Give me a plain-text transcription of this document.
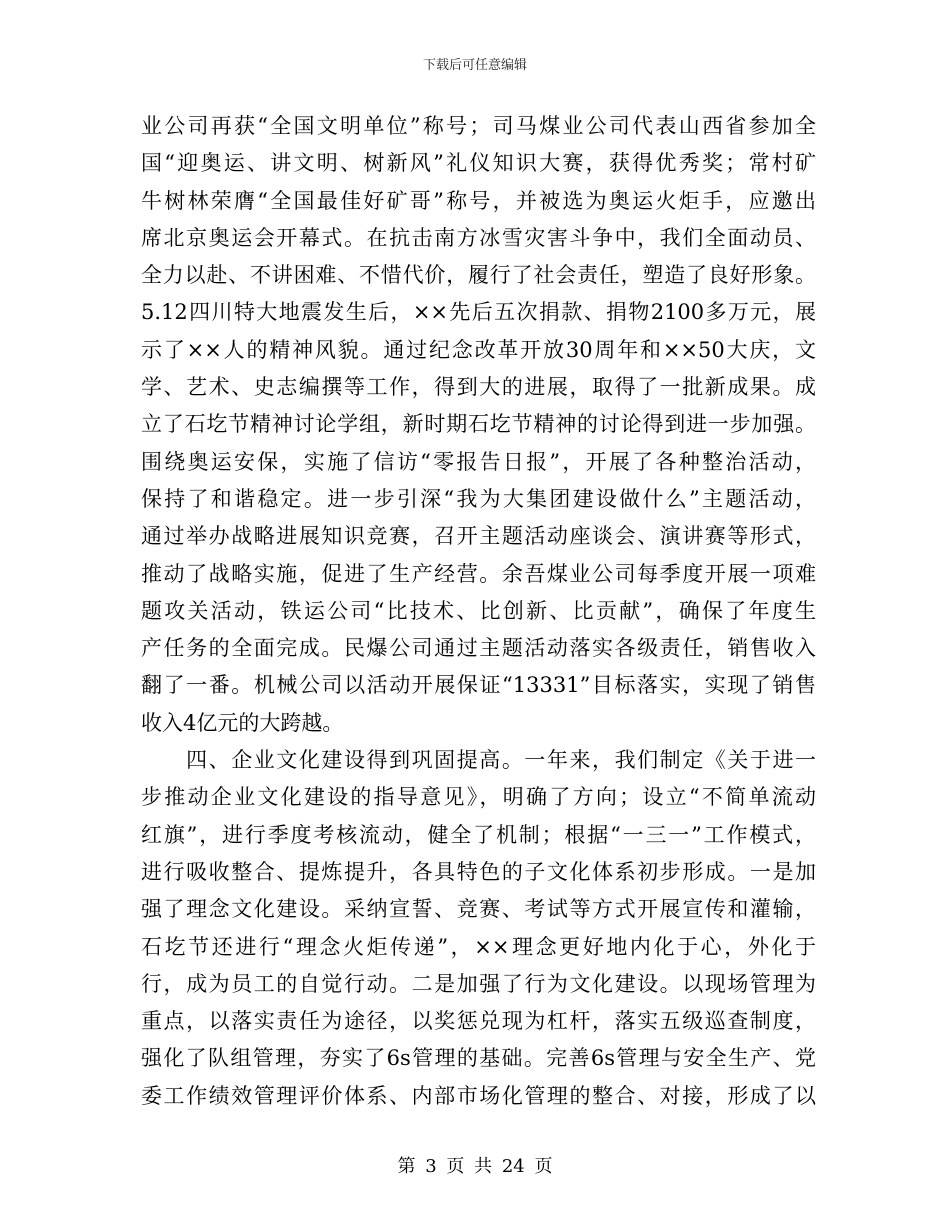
下载后可任意编辑
业公司再获“全国文明单位”称号；司马煤业公司代表山西省参加全
国“迎奥运、讲文明、树新风”礼仪知识大赛，获得优秀奖；常村矿
牛树林荣膺“全国最佳好矿哥”称号，并被选为奥运火炬手，应邀出
席北京奥运会开幕式。在抗击南方冰雪灾害斗争中，我们全面动员、
全力以赴、不讲困难、不惜代价，履行了社会责任，塑造了良好形象。
5.12四川特大地震发生后，××先后五次捐款、捐物2100多万元，展
示了××人的精神风貌。通过纪念改革开放30周年和××50大庆，文
学、艺术、史志编撰等工作，得到大的进展，取得了一批新成果。成
立了石圪节精神讨论学组，新时期石圪节精神的讨论得到进一步加强。
围绕奥运安保，实施了信访“零报告日报”，开展了各种整治活动，
保持了和谐稳定。进一步引深“我为大集团建设做什么”主题活动，
通过举办战略进展知识竞赛，召开主题活动座谈会、演讲赛等形式，
推动了战略实施，促进了生产经营。余吾煤业公司每季度开展一项难
题攻关活动，铁运公司“比技术、比创新、比贡献”，确保了年度生
产任务的全面完成。民爆公司通过主题活动落实各级责任，销售收入
翻了一番。机械公司以活动开展保证“13331”目标落实，实现了销售
收入4亿元的大跨越。
　　四、企业文化建设得到巩固提高。一年来，我们制定《关于进一
步推动企业文化建设的指导意见》，明确了方向；设立“不简单流动
红旗”，进行季度考核流动，健全了机制；根据“一三一”工作模式，
进行吸收整合、提炼提升，各具特色的子文化体系初步形成。一是加
强了理念文化建设。采纳宣誓、竞赛、考试等方式开展宣传和灌输，
石圪节还进行“理念火炬传递”，××理念更好地内化于心，外化于
行，成为员工的自觉行动。二是加强了行为文化建设。以现场管理为
重点，以落实责任为途径，以奖惩兑现为杠杆，落实五级巡查制度，
强化了队组管理，夯实了6s管理的基础。完善6s管理与安全生产、党
委工作绩效管理评价体系、内部市场化管理的整合、对接，形成了以
第 3 页 共 24 页
